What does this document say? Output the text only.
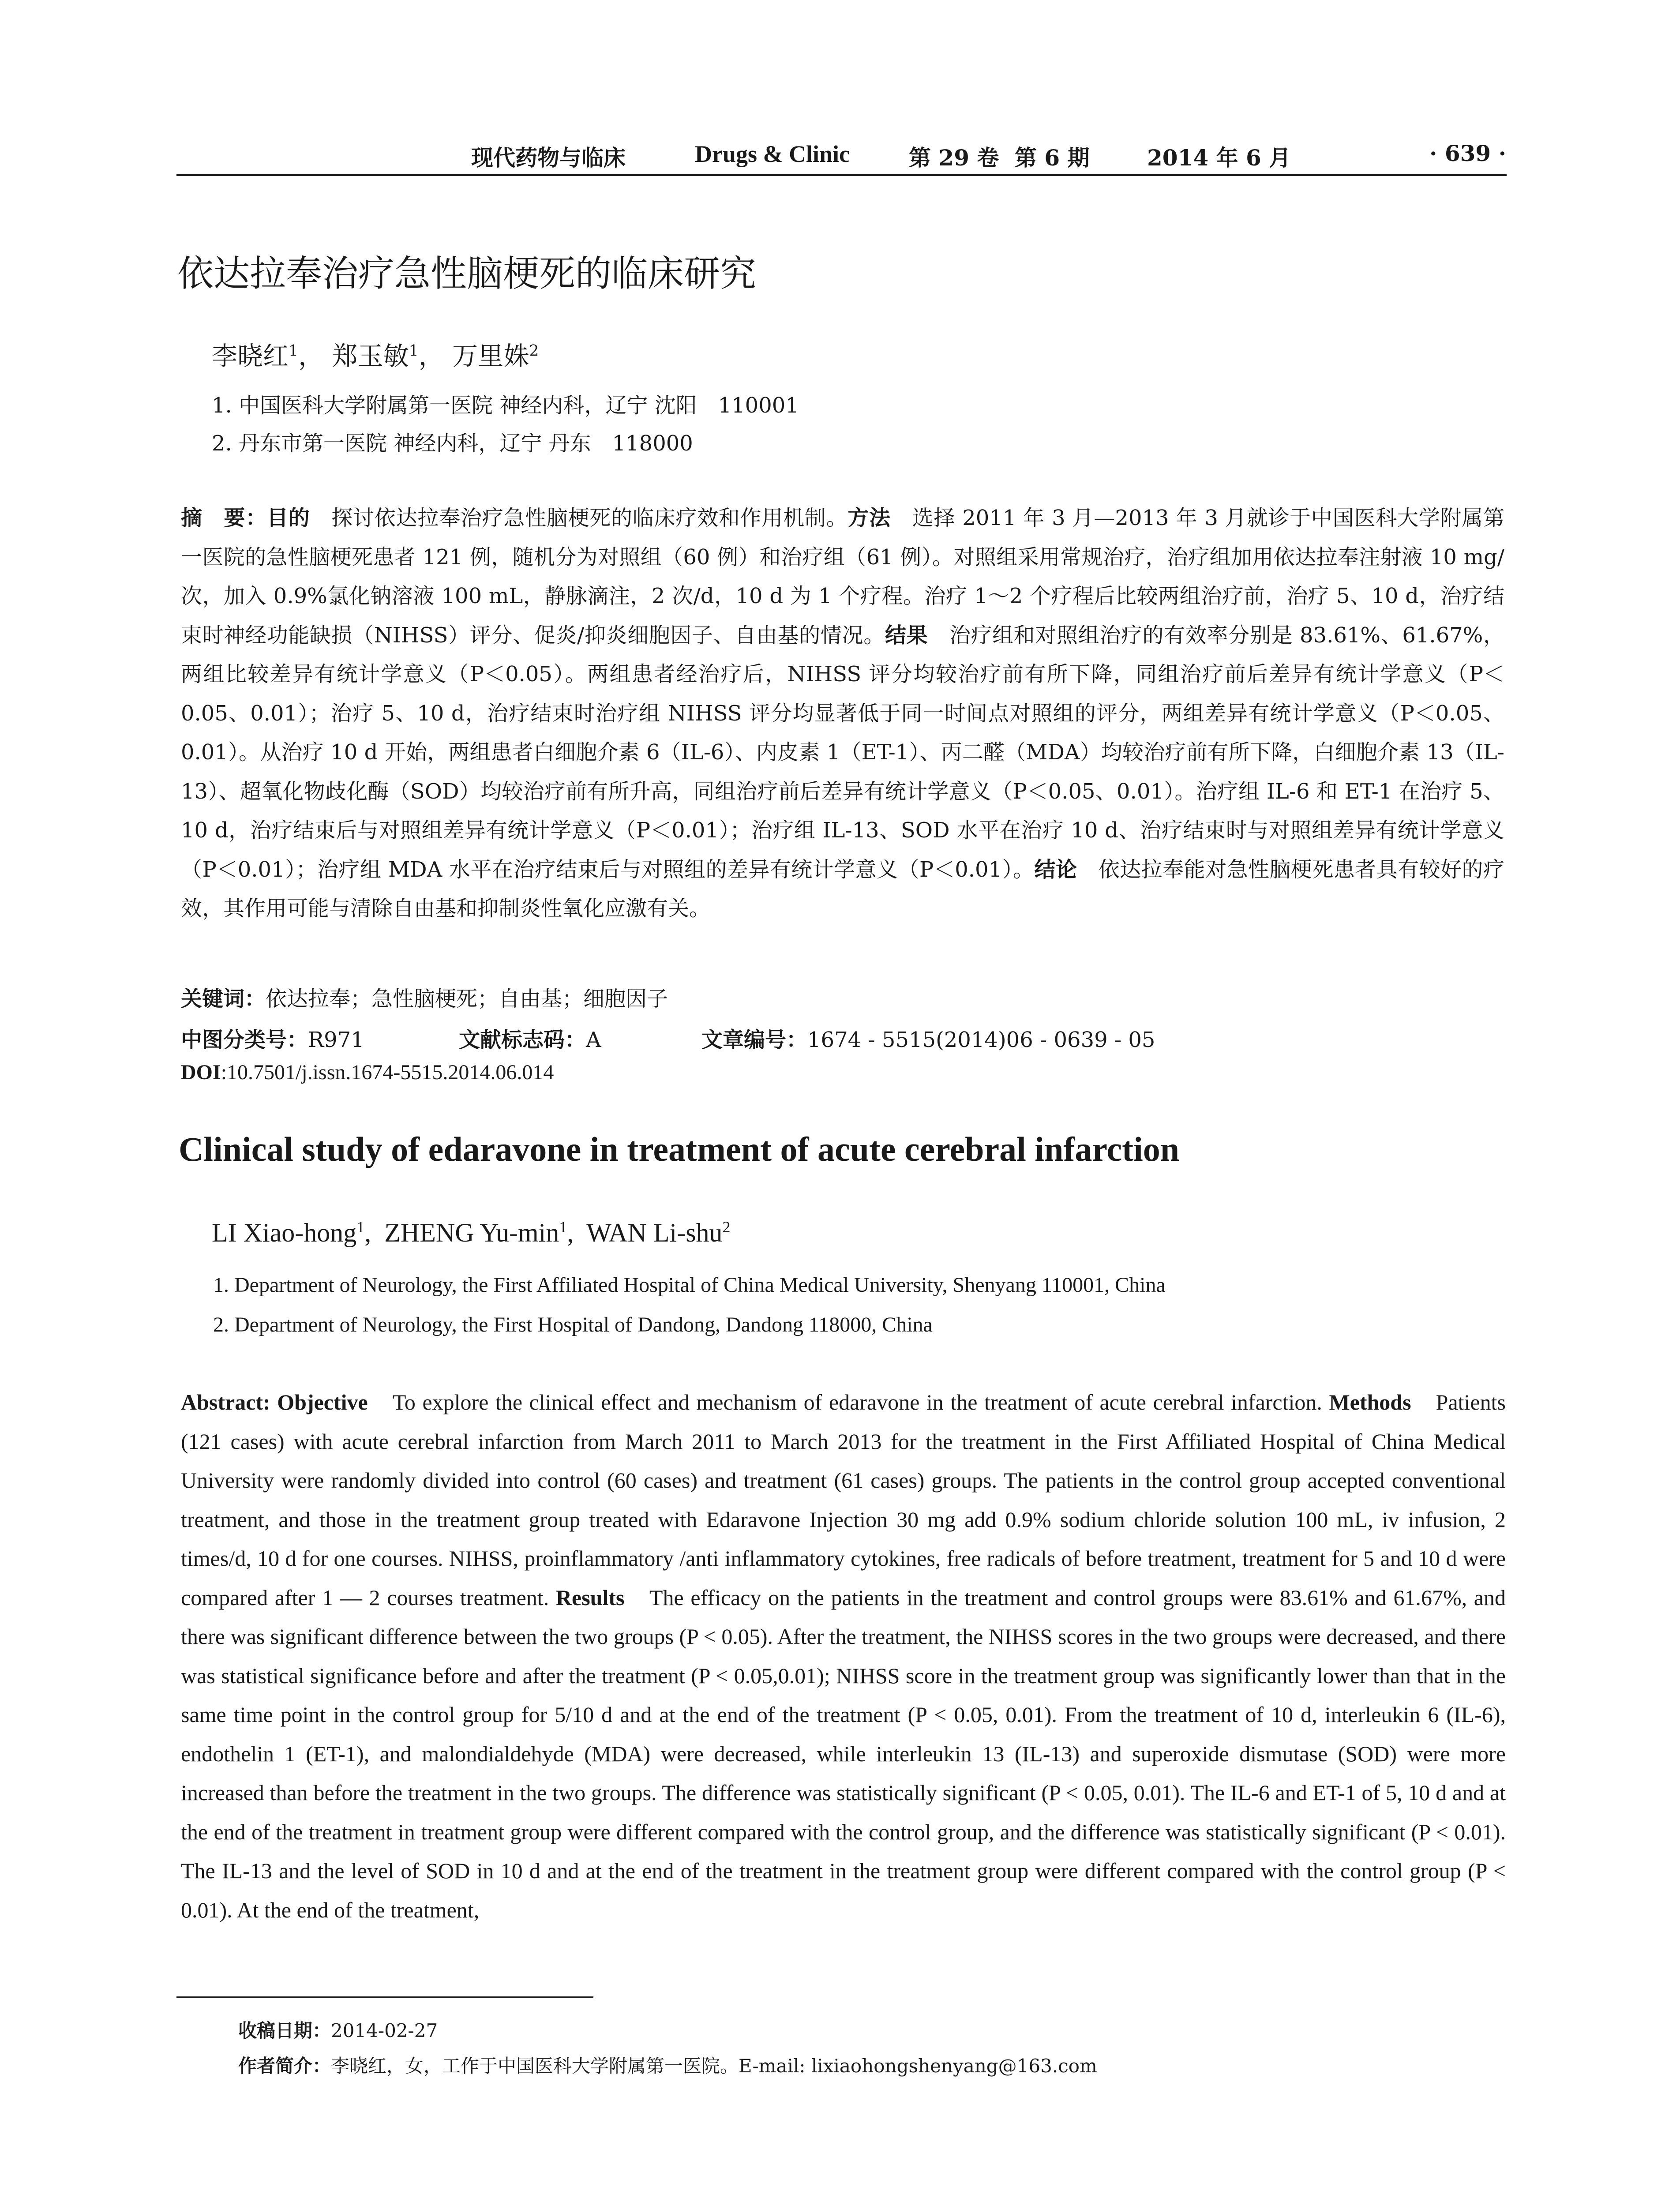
现代药物与临床	Drugs & Clinic	第 29 卷 第 6 期	2014 年 6 月	· 639 ·
依达拉奉治疗急性脑梗死的临床研究
李晓红$^1$， 郑玉敏$^1$， 万里姝$^2$
1. 中国医科大学附属第一医院 神经内科，辽宁 沈阳　110001
2. 丹东市第一医院 神经内科，辽宁 丹东　118000
摘　要：目的　探讨依达拉奉治疗急性脑梗死的临床疗效和作用机制。方法　选择 2011 年 3 月—2013 年 3 月就诊于中国医科大学附属第一医院的急性脑梗死患者 121 例，随机分为对照组（60 例）和治疗组（61 例）。对照组采用常规治疗，治疗组加用依达拉奉注射液 10 mg/次，加入 0.9%氯化钠溶液 100 mL，静脉滴注，2 次/d，10 d 为 1 个疗程。治疗 1～2 个疗程后比较两组治疗前，治疗 5、10 d，治疗结束时神经功能缺损（NIHSS）评分、促炎/抑炎细胞因子、自由基的情况。结果　治疗组和对照组治疗的有效率分别是 83.61%、61.67%，两组比较差异有统计学意义（P＜0.05）。两组患者经治疗后，NIHSS 评分均较治疗前有所下降，同组治疗前后差异有统计学意义（P＜0.05、0.01）；治疗 5、10 d，治疗结束时治疗组 NIHSS 评分均显著低于同一时间点对照组的评分，两组差异有统计学意义（P＜0.05、0.01）。从治疗 10 d 开始，两组患者白细胞介素 6（IL-6）、内皮素 1（ET-1）、丙二醛（MDA）均较治疗前有所下降，白细胞介素 13（IL-13）、超氧化物歧化酶（SOD）均较治疗前有所升高，同组治疗前后差异有统计学意义（P＜0.05、0.01）。治疗组 IL-6 和 ET-1 在治疗 5、10 d，治疗结束后与对照组差异有统计学意义（P＜0.01）；治疗组 IL-13、SOD 水平在治疗 10 d、治疗结束时与对照组差异有统计学意义（P＜0.01）；治疗组 MDA 水平在治疗结束后与对照组的差异有统计学意义（P＜0.01）。结论　依达拉奉能对急性脑梗死患者具有较好的疗效，其作用可能与清除自由基和抑制炎性氧化应激有关。
关键词：依达拉奉；急性脑梗死；自由基；细胞因子
中图分类号：R971	文献标志码：A	文章编号：1674 - 5515(2014)06 - 0639 - 05
DOI:10.7501/j.issn.1674-5515.2014.06.014
Clinical study of edaravone in treatment of acute cerebral infarction
LI Xiao-hong$^1$,  ZHENG $Yu-\min^1$,  WAN Li-shu$^2$
1. Department of Neurology, the First Affiliated Hospital of China Medical University, Shenyang 110001, China
2. Department of Neurology, the First Hospital of Dandong, Dandong 118000, China
Abstract: Objective　To explore the clinical effect and mechanism of edaravone in the treatment of acute cerebral infarction. Methods　Patients (121 cases) with acute cerebral infarction from March 2011 to March 2013 for the treatment in the First Affiliated Hospital of China Medical University were randomly divided into control (60 cases) and treatment (61 cases) groups. The patients in the control group accepted conventional treatment, and those in the treatment group treated with Edaravone Injection 30 mg add 0.9% sodium chloride solution 100 mL, iv infusion, 2 times/d, 10 d for one courses. NIHSS, proinflammatory /anti inflammatory cytokines, free radicals of before treatment, treatment for 5 and 10 d were compared after 1 — 2 courses treatment. Results　The efficacy on the patients in the treatment and control groups were 83.61% and 61.67%, and there was significant difference between the two groups (P < 0.05). After the treatment, the NIHSS scores in the two groups were decreased, and there was statistical significance before and after the treatment (P < 0.05,0.01); NIHSS score in the treatment group was significantly lower than that in the same time point in the control group for 5/10 d and at the end of the treatment (P < 0.05, 0.01). From the treatment of 10 d, interleukin 6 (IL-6), endothelin 1 (ET-1), and malondialdehyde (MDA) were decreased, while interleukin 13 (IL-13) and superoxide dismutase (SOD) were more increased than before the treatment in the two groups. The difference was statistically significant (P < 0.05, 0.01). The IL-6 and ET-1 of 5, 10 d and at the end of the treatment in treatment group were different compared with the control group, and the difference was statistically significant (P < 0.01). The IL-13 and the level of SOD in 10 d and at the end of the treatment in the treatment group were different compared with the control group (P < 0.01). At the end of the treatment,
收稿日期：2014-02-27
作者简介：李晓红，女，工作于中国医科大学附属第一医院。E-mail: lixiaohongshenyang@163.com
